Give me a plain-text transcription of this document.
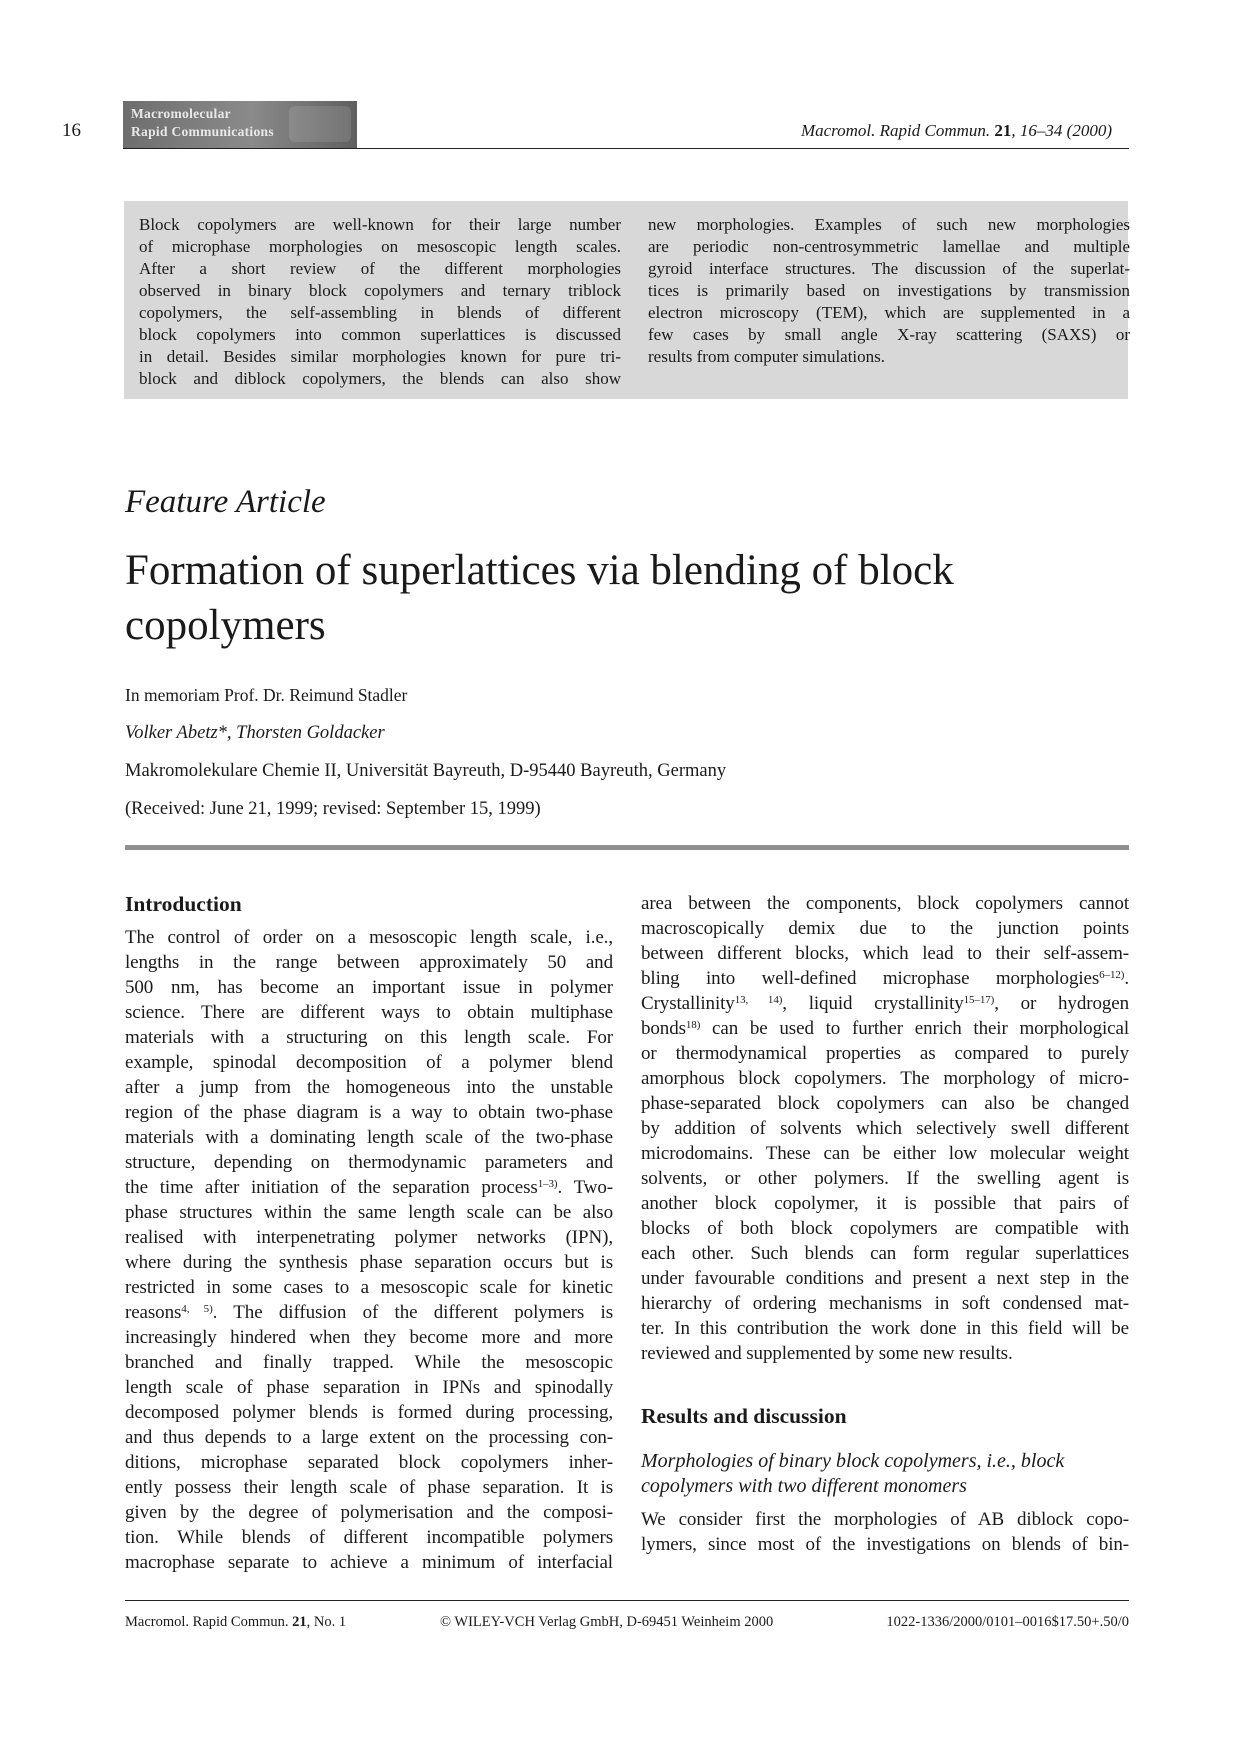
16
Macromolecular
Rapid Communications	Macromol. Rapid Commun. 21, 16–34 (2000)
Block copolymers are well-known for their large number
of microphase morphologies on mesoscopic length scales.
After a short review of the different morphologies
observed in binary block copolymers and ternary triblock
copolymers, the self-assembling in blends of different
block copolymers into common superlattices is discussed
in detail. Besides similar morphologies known for pure tri-
block and diblock copolymers, the blends can also show
new morphologies. Examples of such new morphologies
are periodic non-centrosymmetric lamellae and multiple
gyroid interface structures. The discussion of the superlat-
tices is primarily based on investigations by transmission
electron microscopy (TEM), which are supplemented in a
few cases by small angle X-ray scattering (SAXS) or
results from computer simulations.
Feature Article
Formation of superlattices via blending of block
copolymers
In memoriam Prof. Dr. Reimund Stadler
Volker Abetz*, Thorsten Goldacker
Makromolekulare Chemie II, Universität Bayreuth, D-95440 Bayreuth, Germany
(Received: June 21, 1999; revised: September 15, 1999)
Introduction
The control of order on a mesoscopic length scale, i.e.,
lengths in the range between approximately 50 and
500 nm, has become an important issue in polymer
science. There are different ways to obtain multiphase
materials with a structuring on this length scale. For
example, spinodal decomposition of a polymer blend
after a jump from the homogeneous into the unstable
region of the phase diagram is a way to obtain two-phase
materials with a dominating length scale of the two-phase
structure, depending on thermodynamic parameters and
the time after initiation of the separation process$^{1-3)}$. Two-
phase structures within the same length scale can be also
realised with interpenetrating polymer networks (IPN),
where during the synthesis phase separation occurs but is
restricted in some cases to a mesoscopic scale for kinetic
reasons$^{4, 5)}$. The diffusion of the different polymers is
increasingly hindered when they become more and more
branched and finally trapped. While the mesoscopic
length scale of phase separation in IPNs and spinodally
decomposed polymer blends is formed during processing,
and thus depends to a large extent on the processing con-
ditions, microphase separated block copolymers inher-
ently possess their length scale of phase separation. It is
given by the degree of polymerisation and the composi-
tion. While blends of different incompatible polymers
macrophase separate to achieve a minimum of interfacial
area between the components, block copolymers cannot
macroscopically demix due to the junction points
between different blocks, which lead to their self-assem-
bling into well-defined microphase morphologies$^{6-12)}$.
Crystallinity$^{13, 14)}$, liquid crystallinity$^{15-17)}$, or hydrogen
bonds$^{18)}$ can be used to further enrich their morphological
or thermodynamical properties as compared to purely
amorphous block copolymers. The morphology of micro-
phase-separated block copolymers can also be changed
by addition of solvents which selectively swell different
microdomains. These can be either low molecular weight
solvents, or other polymers. If the swelling agent is
another block copolymer, it is possible that pairs of
blocks of both block copolymers are compatible with
each other. Such blends can form regular superlattices
under favourable conditions and present a next step in the
hierarchy of ordering mechanisms in soft condensed mat-
ter. In this contribution the work done in this field will be
reviewed and supplemented by some new results.
Results and discussion
Morphologies of binary block copolymers, i.e., block
copolymers with two different monomers
We consider first the morphologies of AB diblock copo-
lymers, since most of the investigations on blends of bin-
Macromol. Rapid Commun. 21, No. 1	© WILEY-VCH Verlag GmbH, D-69451 Weinheim 2000	1022-1336/2000/0101–0016$17.50+.50/0
